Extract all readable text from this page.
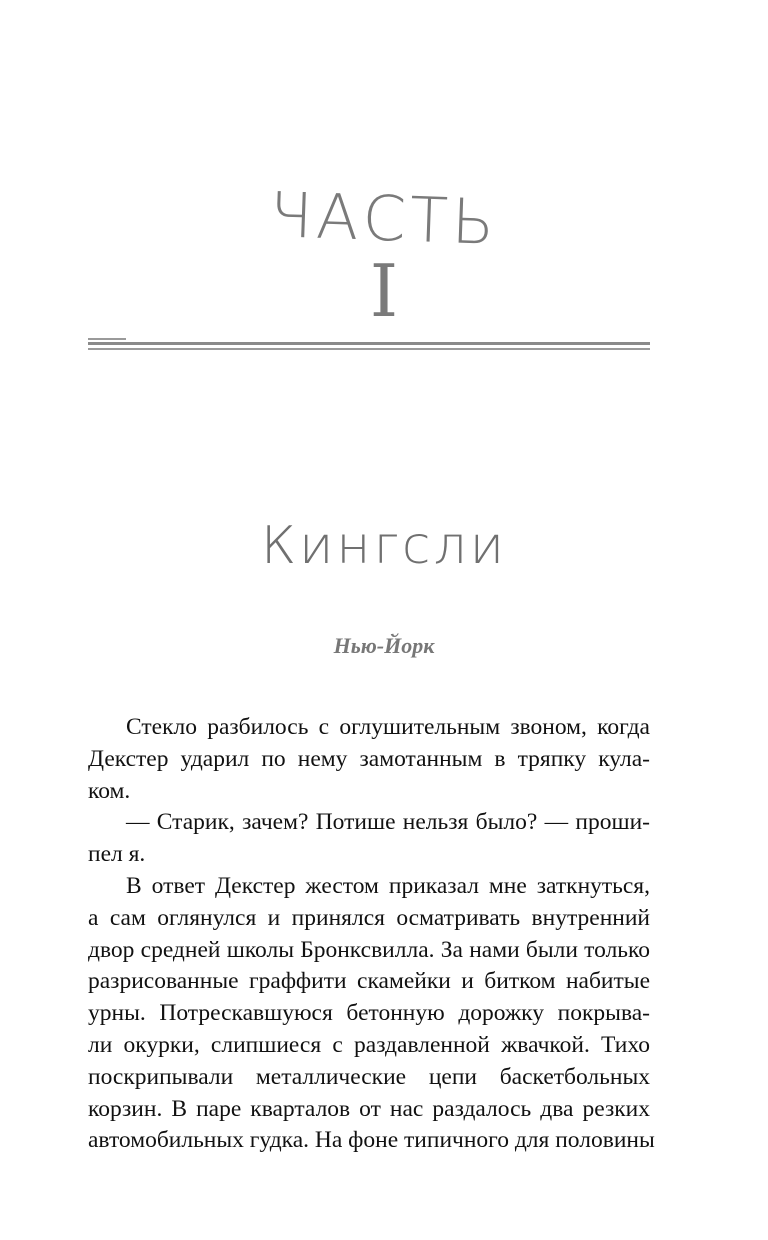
ЧАСТЬ
I
Кингсли
Нью-Йорк
Стекло разбилось с оглушительным звоном, когда
Декстер ударил по нему замотанным в тряпку кула-
ком.
— Старик, зачем? Потише нельзя было? — проши-
пел я.
В ответ Декстер жестом приказал мне заткнуться,
а сам оглянулся и принялся осматривать внутренний
двор средней школы Бронксвилла. За нами были только
разрисованные граффити скамейки и битком набитые
урны. Потрескавшуюся бетонную дорожку покрыва-
ли окурки, слипшиеся с раздавленной жвачкой. Тихо
поскрипывали металлические цепи баскетбольных
корзин. В паре кварталов от нас раздалось два резких
автомобильных гудка. На фоне типичного для половины
